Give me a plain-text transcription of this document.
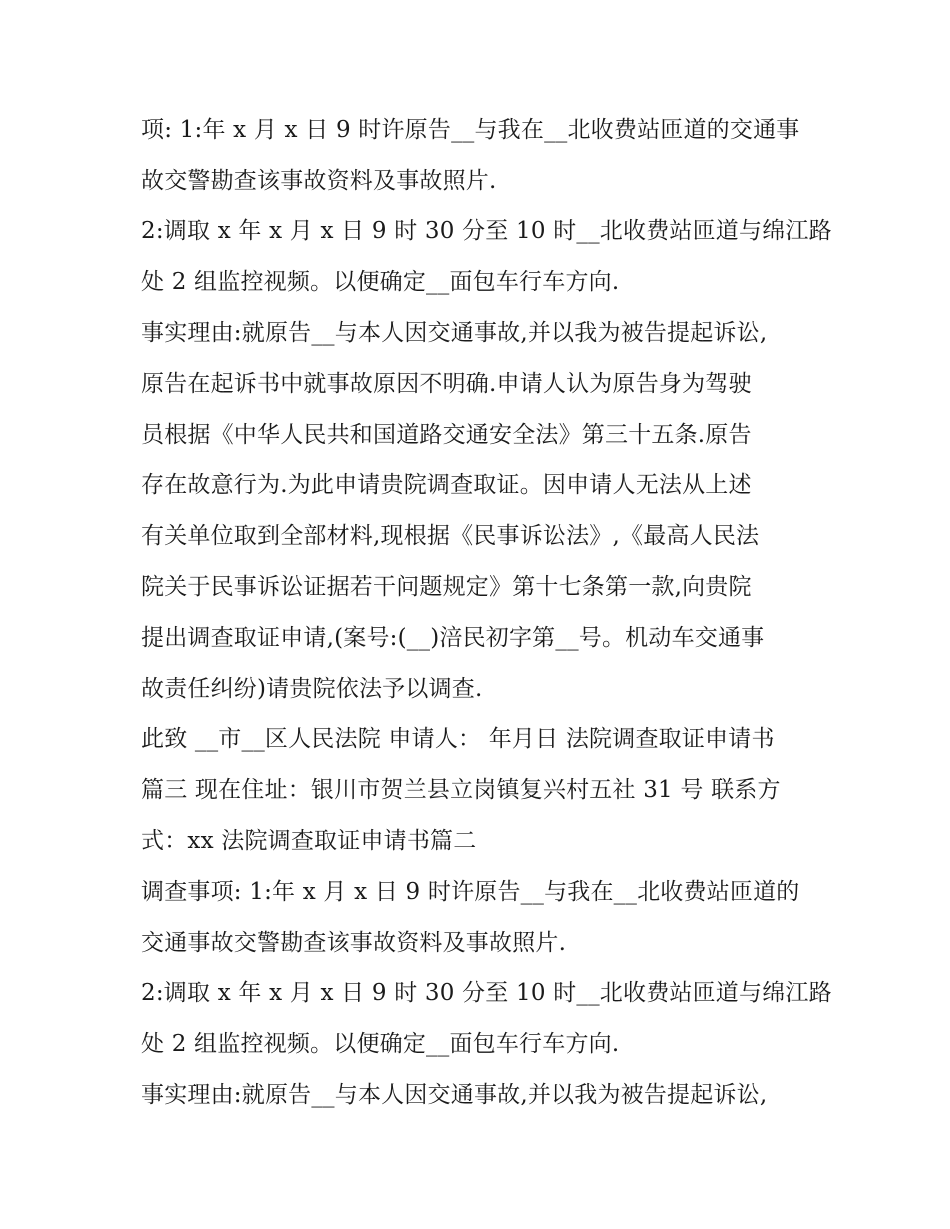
项: 1:年 x 月 x 日 9 时许原告__与我在__北收费站匝道的交通事
故交警勘查该事故资料及事故照片.
2:调取 x 年 x 月 x 日 9 时 30 分至 10 时__北收费站匝道与绵江路
处 2 组监控视频。以便确定__面包车行车方向.
事实理由:就原告__与本人因交通事故,并以我为被告提起诉讼,
原告在起诉书中就事故原因不明确.申请人认为原告身为驾驶
员根据《中华人民共和国道路交通安全法》第三十五条.原告
存在故意行为.为此申请贵院调查取证。因申请人无法从上述
有关单位取到全部材料,现根据《民事诉讼法》,《最高人民法
院关于民事诉讼证据若干问题规定》第十七条第一款,向贵院
提出调查取证申请,(案号:(__)涪民初字第__号。机动车交通事
故责任纠纷)请贵院依法予以调查.
此致 __市__区人民法院 申请人： 年月日 法院调查取证申请书
篇三 现在住址：银川市贺兰县立岗镇复兴村五社 31 号 联系方
式：xx 法院调查取证申请书篇二
调查事项: 1:年 x 月 x 日 9 时许原告__与我在__北收费站匝道的
交通事故交警勘查该事故资料及事故照片.
2:调取 x 年 x 月 x 日 9 时 30 分至 10 时__北收费站匝道与绵江路
处 2 组监控视频。以便确定__面包车行车方向.
事实理由:就原告__与本人因交通事故,并以我为被告提起诉讼,
